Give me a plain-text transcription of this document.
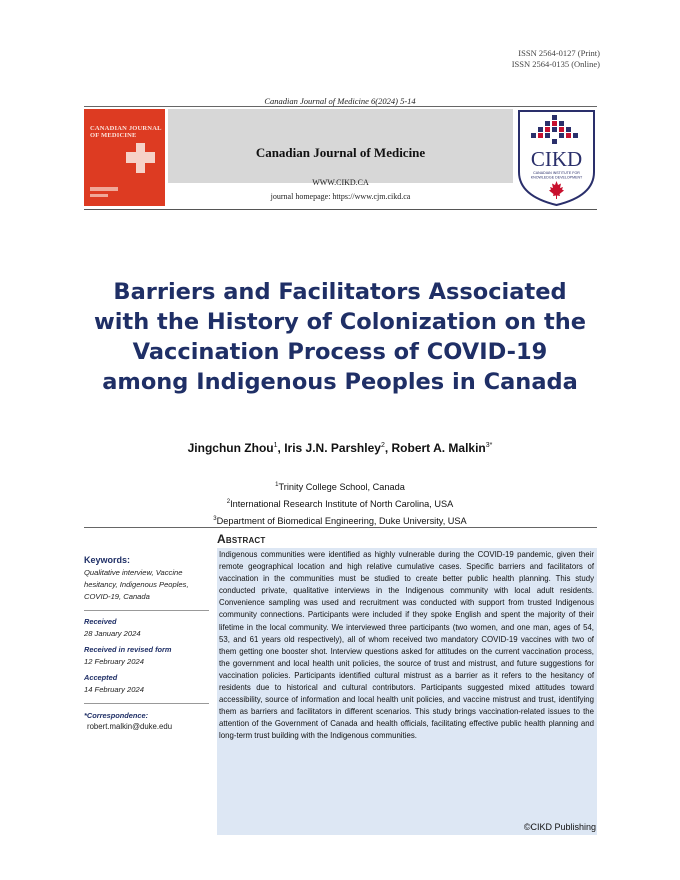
ISSN 2564-0127 (Print)
ISSN 2564-0135 (Online)
Canadian Journal of Medicine 6(2024) 5-14
CANADIAN JOURNAL OF MEDICINE
Canadian Journal of Medicine
WWW.CIKD.CA
journal homepage: https://www.cjm.cikd.ca
CIKD
CANADIAN INSTITUTE FOR
KNOWLEDGE DEVELOPMENT
Barriers and Facilitators Associated
with the History of Colonization on the
Vaccination Process of COVID-19
among Indigenous Peoples in Canada
Jingchun Zhou$^1$, Iris J.N. Parshley$^2$, Robert A. Malkin$^{3*}$
$^1$Trinity College School, Canada
$^2$International Research Institute of North Carolina, USA
$^3$Department of Biomedical Engineering, Duke University, USA
Keywords:
Qualitative interview, Vaccine hesitancy, Indigenous Peoples, COVID-19, Canada
Received
28 January 2024
Received in revised form
12 February 2024
Accepted
14 February 2024
*Correspondence:
robert.malkin@duke.edu
Abstract
Indigenous communities were identified as highly vulnerable during the COVID-19 pandemic, given their remote geographical location and high relative cumulative cases. Specific barriers and facilitators of vaccination in the communities must be studied to create better public health planning. This study conducted private, qualitative interviews in the Indigenous community with local adult residents. Convenience sampling was used and recruitment was conducted with support from trusted Indigenous community connections. Participants were included if they spoke English and spent the majority of their lifetime in the local community. We interviewed three participants (two women, and one man, ages of 54, 53, and 61 years old respectively), all of whom received two mandatory COVID-19 vaccines with two of them getting one booster shot. Interview questions asked for attitudes on the current vaccination process, the government and local health unit policies, the source of trust and mistrust, and future suggestions for vaccination policies. Participants identified cultural mistrust as a barrier as it refers to the hesitancy of residents due to historical and cultural contributors. Participants suggested mixed attitudes toward accessibility, source of information and local health unit policies, and vaccine mistrust and trust, identifying them as barriers and facilitators in different scenarios. This study brings vaccination-related issues to the attention of the Government of Canada and health officials, facilitating effective public health planning and long-term trust building with the Indigenous communities.
©CIKD Publishing
